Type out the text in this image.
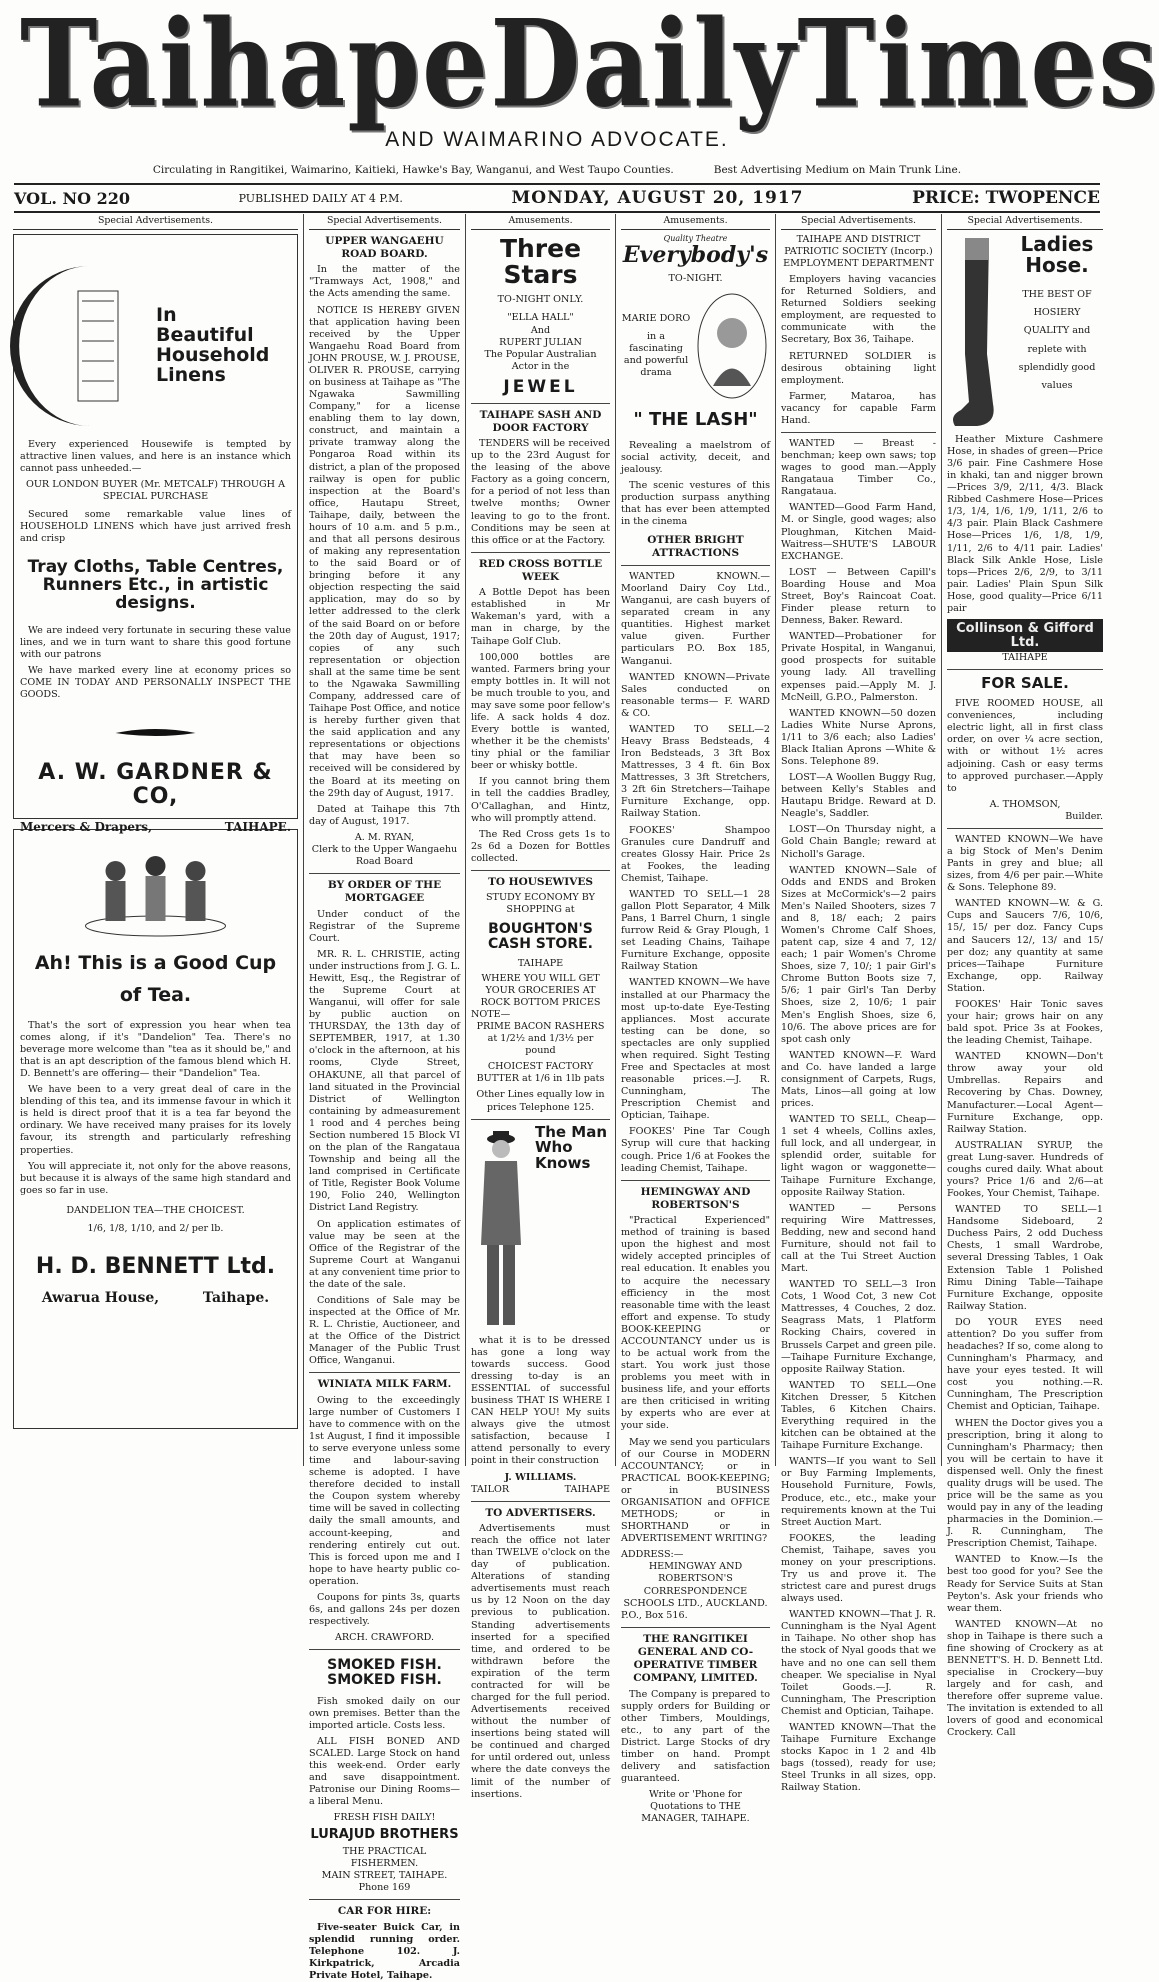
Taihape Daily Times
AND WAIMARINO ADVOCATE.
Circulating in Rangitikei, Waimarino, Kaitieki, Hawke's Bay, Wanganui, and West Taupo Counties.	Best Advertising Medium on Main Trunk Line.
VOL. NO 220	PUBLISHED DAILY AT 4 P.M.	MONDAY, AUGUST 20, 1917	PRICE: TWOPENCE
Special Advertisements.
In Beautiful Household Linens

Every experienced Housewife is tempted by attractive linen values, and here is an instance which cannot pass unheeded.—

OUR LONDON BUYER (Mr. METCALF) THROUGH A SPECIAL PURCHASE

Secured some remarkable value lines of HOUSEHOLD LINENS which have just arrived fresh and crisp

Tray Cloths, Table Centres, Runners Etc., in artistic designs.

We are indeed very fortunate in securing these value lines, and we in turn want to share this good fortune with our patrons

We have marked every line at economy prices so COME IN TODAY AND PERSONALLY INSPECT THE GOODS.

A. W. GARDNER & CO,
Mercers & Drapers,	TAIHAPE.
Ah! This is a Good Cup
of Tea.

That's the sort of expression you hear when tea comes along, if it's "Dandelion" Tea. There's no beverage more welcome than "tea as it should be," and that is an apt description of the famous blend which H. D. Bennett's are offering— their "Dandelion" Tea.

We have been to a very great deal of care in the blending of this tea, and its immense favour in which it is held is direct proof that it is a tea far beyond the ordinary. We have received many praises for its lovely favour, its strength and particularly refreshing properties.

You will appreciate it, not only for the above reasons, but because it is always of the same high standard and goes so far in use.

DANDELION TEA—THE CHOICEST.
1/6, 1/8, 1/10, and 2/ per lb.
H. D. BENNETT Ltd.
Awarua House,	Taihape.
Special Advertisements.
UPPER WANGAEHU ROAD BOARD.

In the matter of the "Tramways Act, 1908," and the Acts amending the same.

NOTICE IS HEREBY GIVEN that application having been received by the Upper Wangaehu Road Board from JOHN PROUSE, W. J. PROUSE, OLIVER R. PROUSE, carrying on business at Taihape as "The Ngawaka Sawmilling Company," for a license enabling them to lay down, construct, and maintain a private tramway along the Pongaroa Road within its district, a plan of the proposed railway is open for public inspection at the Board's office, Hautapu Street, Taihape, daily, between the hours of 10 a.m. and 5 p.m., and that all persons desirous of making any representation to the said Board or of bringing before it any objection respecting the said application, may do so by letter addressed to the clerk of the said Board on or before the 20th day of August, 1917; copies of any such representation or objection shall at the same time be sent to the Ngawaka Sawmilling Company, addressed care of Taihape Post Office, and notice is hereby further given that the said application and any representations or objections that may have been so received will be considered by the Board at its meeting on the 29th day of August, 1917.

Dated at Taihape this 7th day of August, 1917.

A. M. RYAN,
Clerk to the Upper Wangaehu Road Board
BY ORDER OF THE MORTGAGEE

Under conduct of the Registrar of the Supreme Court.

MR. R. L. CHRISTIE, acting under instructions from J. G. L. Hewitt, Esq., the Registrar of the Supreme Court at Wanganui, will offer for sale by public auction on THURSDAY, the 13th day of SEPTEMBER, 1917, at 1.30 o'clock in the afternoon, at his rooms, Clyde Street, OHAKUNE, all that parcel of land situated in the Provincial District of Wellington containing by admeasurement 1 rood and 4 perches being Section numbered 15 Block VI on the plan of the Rangataua Township and being all the land comprised in Certificate of Title, Register Book Volume 190, Folio 240, Wellington District Land Registry.

On application estimates of value may be seen at the Office of the Registrar of the Supreme Court at Wanganui at any convenient time prior to the date of the sale.

Conditions of Sale may be inspected at the Office of Mr. R. L. Christie, Auctioneer, and at the Office of the District Manager of the Public Trust Office, Wanganui.

WINIATA MILK FARM.

Owing to the exceedingly large number of Customers I have to commence with on the 1st August, I find it impossible to serve everyone unless some time and labour-saving scheme is adopted. I have therefore decided to install the Coupon system whereby time will be saved in collecting daily the small amounts, and account-keeping, and rendering entirely cut out. This is forced upon me and I hope to have hearty public co-operation.

Coupons for pints 3s, quarts 6s, and gallons 24s per dozen respectively.

ARCH. CRAWFORD.
SMOKED FISH. SMOKED FISH.

Fish smoked daily on our own premises. Better than the imported article. Costs less.

ALL FISH BONED AND SCALED. Large Stock on hand this week-end. Order early and save disappointment. Patronise our Dining Rooms—a liberal Menu.

FRESH FISH DAILY!
LURAJUD BROTHERS
THE PRACTICAL FISHERMEN.
MAIN STREET, TAIHAPE.
Phone 169
CAR FOR HIRE:

Five-seater Buick Car, in splendid running order. Telephone 102. J. Kirkpatrick, Arcadia Private Hotel, Taihape.

Amusements.
Three Stars
TO-NIGHT ONLY.
"ELLA HALL"
And
RUPERT JULIAN
The Popular Australian Actor in the
JEWEL
TAIHAPE SASH AND DOOR FACTORY

TENDERS will be received up to the 23rd August for the leasing of the above Factory as a going concern, for a period of not less than twelve months; Owner leaving to go to the front. Conditions may be seen at this office or at the Factory.

RED CROSS BOTTLE WEEK

A Bottle Depot has been established in Mr Wakeman's yard, with a man in charge, by the Taihape Golf Club.

100,000 bottles are wanted. Farmers bring your empty bottles in. It will not be much trouble to you, and may save some poor fellow's life. A sack holds 4 doz. Every bottle is wanted, whether it be the chemists' tiny phial or the familiar beer or whisky bottle.

If you cannot bring them in tell the caddies Bradley, O'Callaghan, and Hintz, who will promptly attend.

The Red Cross gets 1s to 2s 6d a Dozen for Bottles collected.

TO HOUSEWIVES
STUDY ECONOMY BY SHOPPING at
BOUGHTON'S CASH STORE.
TAIHAPE
WHERE YOU WILL GET YOUR GROCERIES AT ROCK BOTTOM PRICES
NOTE—
PRIME BACON RASHERS at 1/2½ and 1/3½ per pound
CHOICEST FACTORY BUTTER at 1/6 in 1lb pats
Other Lines equally low in prices Telephone 125.
The Man Who Knows

what it is to be dressed has gone a long way towards success. Good dressing to-day is an ESSENTIAL of successful business THAT IS WHERE I CAN HELP YOU! My suits always give the utmost satisfaction, because I attend personally to every point in their construction

J. WILLIAMS.
TAILOR	TAIHAPE
TO ADVERTISERS.

Advertisements must reach the office not later than TWELVE o'clock on the day of publication. Alterations of standing advertisements must reach us by 12 Noon on the day previous to publication. Standing advertisements inserted for a specified time, and ordered to be withdrawn before the expiration of the term contracted for will be charged for the full period. Advertisements received without the number of insertions being stated will be continued and charged for until ordered out, unless where the date conveys the limit of the number of insertions.

Amusements.
Quality Theatre
Everybody's
TO-NIGHT.
MARIE DORO
in a fascinating and powerful drama
" THE LASH"

Revealing a maelstrom of social activity, deceit, and jealousy.

The scenic vestures of this production surpass anything that has ever been attempted in the cinema

OTHER BRIGHT ATTRACTIONS

WANTED KNOWN.— Moorland Dairy Coy Ltd., Wanganui, are cash buyers of separated cream in any quantities. Highest market value given. Further particulars P.O. Box 185, Wanganui.

WANTED KNOWN—Private Sales conducted on reasonable terms— F. WARD & CO.

WANTED TO SELL—2 Heavy Brass Bedsteads, 4 Iron Bedsteads, 3 3ft Box Mattresses, 3 4 ft. 6in Box Mattresses, 3 3ft Stretchers, 3 2ft 6in Stretchers—Taihape Furniture Exchange, opp. Railway Station.

FOOKES' Shampoo Granules cure Dandruff and creates Glossy Hair. Price 2s at Fookes, the leading Chemist, Taihape.

WANTED TO SELL—1 28 gallon Plott Separator, 4 Milk Pans, 1 Barrel Churn, 1 single furrow Reid & Gray Plough, 1 set Leading Chains, Taihape Furniture Exchange, opposite Railway Station

WANTED KNOWN—We have installed at our Pharmacy the most up-to-date Eye-Testing appliances. Most accurate testing can be done, so spectacles are only supplied when required. Sight Testing Free and Spectacles at most reasonable prices.—J. R. Cunningham, The Prescription Chemist and Optician, Taihape.

FOOKES' Pine Tar Cough Syrup will cure that hacking cough. Price 1/6 at Fookes the leading Chemist, Taihape.

HEMINGWAY AND ROBERTSON'S

"Practical Experienced" method of training is based upon the highest and most widely accepted principles of real education. It enables you to acquire the necessary efficiency in the most reasonable time with the least effort and expense. To study BOOK-KEEPING or ACCOUNTANCY under us is to be actual work from the start. You work just those problems you meet with in business life, and your efforts are then criticised in writing by experts who are ever at your side.

May we send you particulars of our Course in MODERN ACCOUNTANCY; or in PRACTICAL BOOK-KEEPING; or in BUSINESS ORGANISATION and OFFICE METHODS; or in SHORTHAND or in ADVERTISEMENT WRITING?

ADDRESS:—
HEMINGWAY AND ROBERTSON'S CORRESPONDENCE SCHOOLS LTD., AUCKLAND.
P.O., Box 516.
THE RANGITIKEI GENERAL AND CO-OPERATIVE TIMBER COMPANY, LIMITED.

The Company is prepared to supply orders for Building or other Timbers, Mouldings, etc., to any part of the District. Large Stocks of dry timber on hand. Prompt delivery and satisfaction guaranteed.

Write or 'Phone for Quotations to THE MANAGER, TAIHAPE.
Special Advertisements.
TAIHAPE AND DISTRICT PATRIOTIC SOCIETY (Incorp.) EMPLOYMENT DEPARTMENT

Employers having vacancies for Returned Soldiers, and Returned Soldiers seeking employment, are requested to communicate with the Secretary, Box 36, Taihape.

RETURNED SOLDIER is desirous obtaining light employment.

Farmer, Mataroa, has vacancy for capable Farm Hand.

WANTED — Breast - benchman; keep own saws; top wages to good man.—Apply Rangataua Timber Co., Rangataua.

WANTED—Good Farm Hand, M. or Single, good wages; also Ploughman, Kitchen Maid-Waitress—SHUTE'S LABOUR EXCHANGE.

LOST — Between Capill's Boarding House and Moa Street, Boy's Raincoat Coat. Finder please return to Denness, Baker. Reward.

WANTED—Probationer for Private Hospital, in Wanganui, good prospects for suitable young lady. All travelling expenses paid.—Apply M. J. McNeill, G.P.O., Palmerston.

WANTED KNOWN—50 dozen Ladies White Nurse Aprons, 1/11 to 3/6 each; also Ladies' Black Italian Aprons —White & Sons. Telephone 89.

LOST—A Woollen Buggy Rug, between Kelly's Stables and Hautapu Bridge. Reward at D. Neagle's, Saddler.

LOST—On Thursday night, a Gold Chain Bangle; reward at Nicholl's Garage.

WANTED KNOWN—Sale of Odds and ENDS and Broken Sizes at McCormick's—2 pairs Men's Nailed Shooters, sizes 7 and 8, 18/ each; 2 pairs Women's Chrome Calf Shoes, patent cap, size 4 and 7, 12/ each; 1 pair Women's Chrome Shoes, size 7, 10/; 1 pair Girl's Chrome Button Boots size 7, 5/6; 1 pair Girl's Tan Derby Shoes, size 2, 10/6; 1 pair Men's English Shoes, size 6, 10/6. The above prices are for spot cash only

WANTED KNOWN—F. Ward and Co. have landed a large consignment of Carpets, Rugs, Mats, Linos—all going at low prices.

WANTED TO SELL, Cheap— 1 set 4 wheels, Collins axles, full lock, and all undergear, in splendid order, suitable for light wagon or waggonette—Taihape Furniture Exchange, opposite Railway Station.

WANTED — Persons requiring Wire Mattresses, Bedding, new and second hand Furniture, should not fail to call at the Tui Street Auction Mart.

WANTED TO SELL—3 Iron Cots, 1 Wood Cot, 3 new Cot Mattresses, 4 Couches, 2 doz. Seagrass Mats, 1 Platform Rocking Chairs, covered in Brussels Carpet and green pile. —Taihape Furniture Exchange, opposite Railway Station.

WANTED TO SELL—One Kitchen Dresser, 5 Kitchen Tables, 6 Kitchen Chairs. Everything required in the kitchen can be obtained at the Taihape Furniture Exchange.

WANTS—If you want to Sell or Buy Farming Implements, Household Furniture, Fowls, Produce, etc., etc., make your requirements known at the Tui Street Auction Mart.

FOOKES, the leading Chemist, Taihape, saves you money on your prescriptions. Try us and prove it. The strictest care and purest drugs always used.

WANTED KNOWN—That J. R. Cunningham is the Nyal Agent in Taihape. No other shop has the stock of Nyal goods that we have and no one can sell them cheaper. We specialise in Nyal Toilet Goods.—J. R. Cunningham, The Prescription Chemist and Optician, Taihape.

WANTED KNOWN—That the Taihape Furniture Exchange stocks Kapoc in 1 2 and 4lb bags (tossed), ready for use; Steel Trunks in all sizes, opp. Railway Station.

Special Advertisements.
Ladies Hose.
THE BEST OF HOSIERY QUALITY and replete with splendidly good values

Heather Mixture Cashmere Hose, in shades of green—Price 3/6 pair. Fine Cashmere Hose in khaki, tan and nigger brown—Prices 3/9, 2/11, 4/3. Black Ribbed Cashmere Hose—Prices 1/3, 1/4, 1/6, 1/9, 1/11, 2/6 to 4/3 pair. Plain Black Cashmere Hose—Prices 1/6, 1/8, 1/9, 1/11, 2/6 to 4/11 pair. Ladies' Black Silk Ankle Hose, Lisle tops—Prices 2/6, 2/9, to 3/11 pair. Ladies' Plain Spun Silk Hose, good quality—Price 6/11 pair

Collinson & Gifford Ltd.
TAIHAPE
FOR SALE.

FIVE ROOMED HOUSE, all conveniences, including electric light, all in first class order, on over ¼ acre section, with or without 1½ acres adjoining. Cash or easy terms to approved purchaser.—Apply to

A. THOMSON,
Builder.

WANTED KNOWN—We have a big Stock of Men's Denim Pants in grey and blue; all sizes, from 4/6 per pair.—White & Sons. Telephone 89.

WANTED KNOWN—W. & G. Cups and Saucers 7/6, 10/6, 15/, 15/ per doz. Fancy Cups and Saucers 12/, 13/ and 15/ per doz; any quantity at same prices—Taihape Furniture Exchange, opp. Railway Station.

FOOKES' Hair Tonic saves your hair; grows hair on any bald spot. Price 3s at Fookes, the leading Chemist, Taihape.

WANTED KNOWN—Don't throw away your old Umbrellas. Repairs and Recovering by Chas. Downey, Manufacturer.—Local Agent— Furniture Exchange, opp. Railway Station.

AUSTRALIAN SYRUP, the great Lung-saver. Hundreds of coughs cured daily. What about yours? Price 1/6 and 2/6—at Fookes, Your Chemist, Taihape.

WANTED TO SELL—1 Handsome Sideboard, 2 Duchess Pairs, 2 odd Duchess Chests, 1 small Wardrobe, several Dressing Tables, 1 Oak Extension Table 1 Polished Rimu Dining Table—Taihape Furniture Exchange, opposite Railway Station.

DO YOUR EYES need attention? Do you suffer from headaches? If so, come along to Cunningham's Pharmacy, and have your eyes tested. It will cost you nothing.—R. Cunningham, The Prescription Chemist and Optician, Taihape.

WHEN the Doctor gives you a prescription, bring it along to Cunningham's Pharmacy; then you will be certain to have it dispensed well. Only the finest quality drugs will be used. The price will be the same as you would pay in any of the leading pharmacies in the Dominion.—J. R. Cunningham, The Prescription Chemist, Taihape.

WANTED to Know.—Is the best too good for you? See the Ready for Service Suits at Stan Peyton's. Ask your friends who wear them.

WANTED KNOWN—At no shop in Taihape is there such a fine showing of Crockery as at BENNETT'S. H. D. Bennett Ltd. specialise in Crockery—buy largely and for cash, and therefore offer supreme value. The invitation is extended to all lovers of good and economical Crockery. Call
